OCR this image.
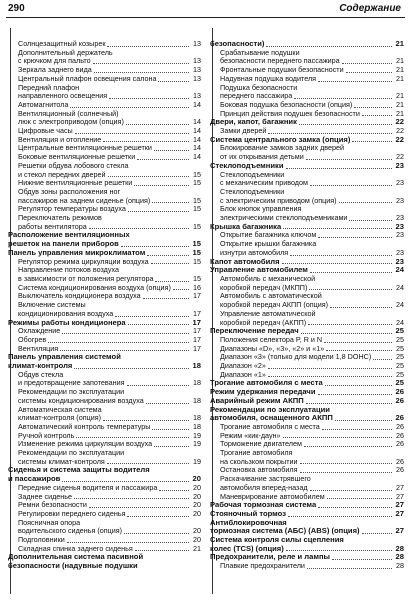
290	Содержание
Солнцезащитный козырек	13
Дополнительный держатель
с крючком для пальто	13
Зеркала заднего вида	13
Центральный плафон освещения салона	13
Передний плафон
направленного освещения	13
Автомагнитола	14
Вентиляционный (солнечный)
люк с электроприводом (опция)	14
Цифровые часы	14
Вентиляция и отопление	14
Центральные вентиляционные решетки	14
Боковые вентиляционные решетки	14
Решетки обдува лобового стекла
и стекол передних дверей	15
Нижние вентиляционные решетки	15
Обдув зоны расположения ног
пассажиров на заднем сиденье (опция)	15
Регулятор температуры воздуха	15
Переключатель режимов
работы вентилятора	15
Расположение вентиляционных
решеток на панели приборов	15
Панель управления микроклиматом	15
Регулятор режима циркуляции воздуха	15
Направление потоков воздуха
в зависимости от положения регулятора	15
Система кондиционирования воздуха (опция)	16
Выключатель кондиционера воздуха	17
Включение системы
кондиционирования воздуха	17
Режимы работы кондиционера	17
Охлаждение	17
Обогрев	17
Вентиляция	17
Панель управления системой
климат-контроля	18
Обдув стекла
и предотвращение запотевания	18
Рекомендации по эксплуатации
системы кондиционирования воздуха	18
Автоматическая система
климат-контроля (опция)	18
Автоматический контроль температуры	18
Ручной контроль	19
Изменение режима циркуляции воздуха	19
Рекомендации по эксплуатации
системы климат-контроля	19
Сиденья и система защиты водителя
и пассажиров	20
Передние сиденья водителя и пассажира	20
Заднее сиденье	20
Ремни безопасности	20
Регулировки переднего сиденья	20
Поясничная опора
водительского сиденья (опция)	20
Подголовники	20
Складная спинка заднего сиденья	21
Дополнительная система пасивной
безопасности (надувные подушки
безопасности)	21
Срабатывание подушки
безопасности переднего пассажира	21
Фронтальные подушки безопасности	21
Надувная подушка водителя	21
Подушка безопасности
переднего пассажира	21
Боковая подушка безопасности (опция)	21
Принцип действия подушек безопасности	21
Двери, капот, багажник	22
Замки дверей	22
Система центрального замка (опция)	22
Блокирование замков задних дверей
от их открывания детьми	22
Стеклоподъемники	23
Стеклоподъемники
с механическим приводом	23
Стеклоподъемники
с электрическим приводом (опция)	23
Блок кнопок управления
электрическими стеклоподъемниками	23
Крышка багажника	23
Открытие багажника ключом	23
Открытие крышки багажника
изнутри автомобиля	23
Капот автомобиля	23
Управление автомобилем	24
Автомобиль с механической
коробкой передач (МКПП)	24
Автомобиль с автоматической
коробкой передач АКПП (опция)	24
Управление автоматической
коробкой передач (АКПП)	24
Переключение передач	25
Положения селектора P, R и N	25
Диапазоны «D», «3», «2» и «1»	25
Диапазон «3» (только для модели 1,8 DOHC)	25
Диапазон «2»	25
Диапазон «1»	25
Трогание автомобиля с места	25
Режим удержания передачи	26
Аварийный режим АКПП	26
Рекомендации по эксплуатации
автомобиля, оснащенного АКПП	26
Трогание автомобиля с места	26
Режим «кик-даун»	26
Торможение двигателем	26
Трогание автомобиля
на скользком покрытии	26
Остановка автомобиля	26
Раскачивание застрявшего
автомобиля вперед-назад	27
Маневрирование автомобилем	27
Рабочая тормозная система	27
Стояночный тормоз	27
Антиблокировочная
тормозная система (АБС) (ABS) (опция)	27
Система контроля силы сцепления
колес (TCS) (опция)	28
Предохранители, реле и лампы	28
Плавкие предохранители	28
